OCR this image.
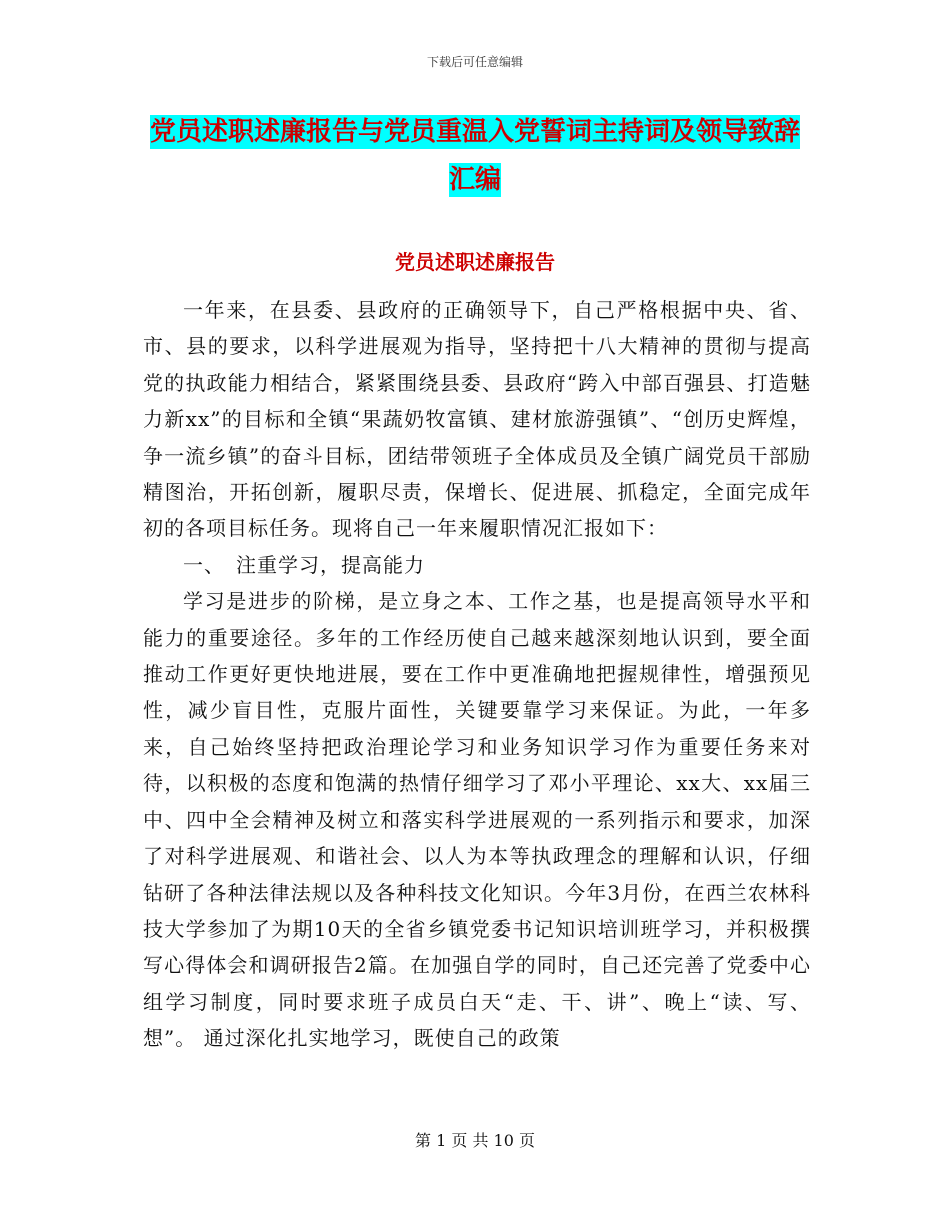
下载后可任意编辑
党员述职述廉报告与党员重温入党誓词主持词及领导致辞汇编
党员述职述廉报告

一年来，在县委、县政府的正确领导下，自己严格根据中央、省、市、县的要求，以科学进展观为指导，坚持把十八大精神的贯彻与提高党的执政能力相结合，紧紧围绕县委、县政府“跨入中部百强县、打造魅力新xx”的目标和全镇“果蔬奶牧富镇、建材旅游强镇”、“创历史辉煌，争一流乡镇”的奋斗目标，团结带领班子全体成员及全镇广阔党员干部励精图治，开拓创新，履职尽责，保增长、促进展、抓稳定，全面完成年初的各项目标任务。现将自己一年来履职情况汇报如下：

一、　注重学习，提高能力

学习是进步的阶梯，是立身之本、工作之基，也是提高领导水平和能力的重要途径。多年的工作经历使自己越来越深刻地认识到，要全面推动工作更好更快地进展，要在工作中更准确地把握规律性，增强预见性，减少盲目性，克服片面性，关键要靠学习来保证。为此，一年多来，自己始终坚持把政治理论学习和业务知识学习作为重要任务来对待，以积极的态度和饱满的热情仔细学习了邓小平理论、xx大、xx届三中、四中全会精神及树立和落实科学进展观的一系列指示和要求，加深了对科学进展观、和谐社会、以人为本等执政理念的理解和认识，仔细钻研了各种法律法规以及各种科技文化知识。今年3月份，在西兰农林科技大学参加了为期10天的全省乡镇党委书记知识培训班学习，并积极撰写心得体会和调研报告2篇。在加强自学的同时，自己还完善了党委中心组学习制度，同时要求班子成员白天“走、干、讲”、晚上“读、写、想”。 通过深化扎实地学习，既使自己的政策

第 1 页 共 10 页
